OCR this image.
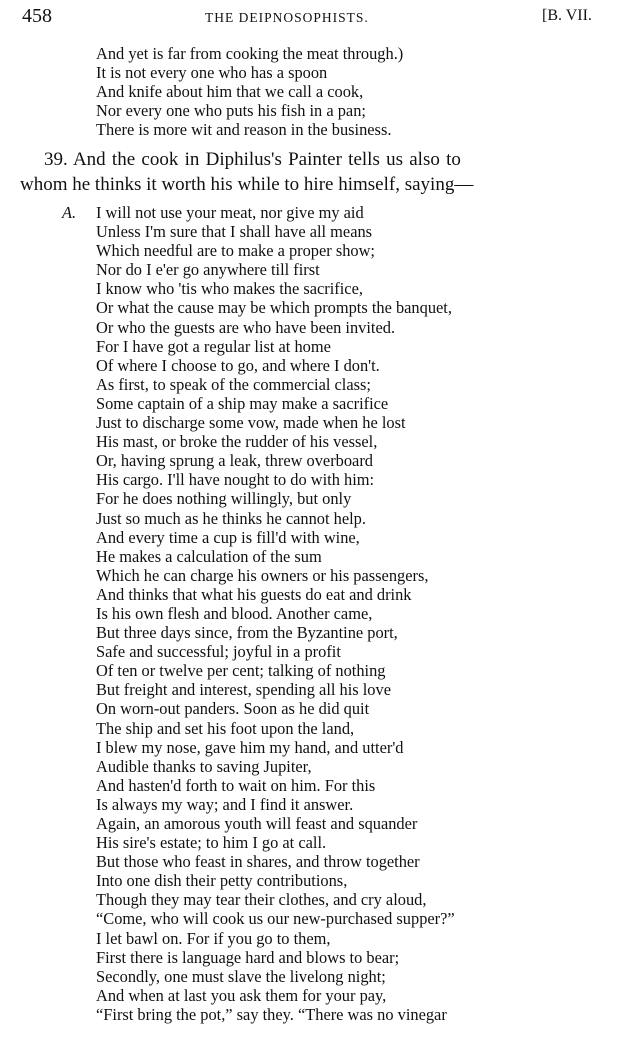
458	THE DEIPNOSOPHISTS.	[B. VII.
And yet is far from cooking the meat through.)
It is not every one who has a spoon
And knife about him that we call a cook,
Nor every one who puts his fish in a pan;
There is more wit and reason in the business.
39. And the cook in Diphilus's Painter tells us also to
whom he thinks it worth his while to hire himself, saying—
A. I will not use your meat, nor give my aid
Unless I'm sure that I shall have all means
Which needful are to make a proper show;
Nor do I e'er go anywhere till first
I know who 'tis who makes the sacrifice,
Or what the cause may be which prompts the banquet,
Or who the guests are who have been invited.
For I have got a regular list at home
Of where I choose to go, and where I don't.
As first, to speak of the commercial class;
Some captain of a ship may make a sacrifice
Just to discharge some vow, made when he lost
His mast, or broke the rudder of his vessel,
Or, having sprung a leak, threw overboard
His cargo. I'll have nought to do with him:
For he does nothing willingly, but only
Just so much as he thinks he cannot help.
And every time a cup is fill'd with wine,
He makes a calculation of the sum
Which he can charge his owners or his passengers,
And thinks that what his guests do eat and drink
Is his own flesh and blood. Another came,
But three days since, from the Byzantine port,
Safe and successful; joyful in a profit
Of ten or twelve per cent; talking of nothing
But freight and interest, spending all his love
On worn-out panders. Soon as he did quit
The ship and set his foot upon the land,
I blew my nose, gave him my hand, and utter'd
Audible thanks to saving Jupiter,
And hasten'd forth to wait on him. For this
Is always my way; and I find it answer.
Again, an amorous youth will feast and squander
His sire's estate; to him I go at call.
But those who feast in shares, and throw together
Into one dish their petty contributions,
Though they may tear their clothes, and cry aloud,
“Come, who will cook us our new-purchased supper?”
I let bawl on. For if you go to them,
First there is language hard and blows to bear;
Secondly, one must slave the livelong night;
And when at last you ask them for your pay,
“First bring the pot,” say they. “There was no vinegar
